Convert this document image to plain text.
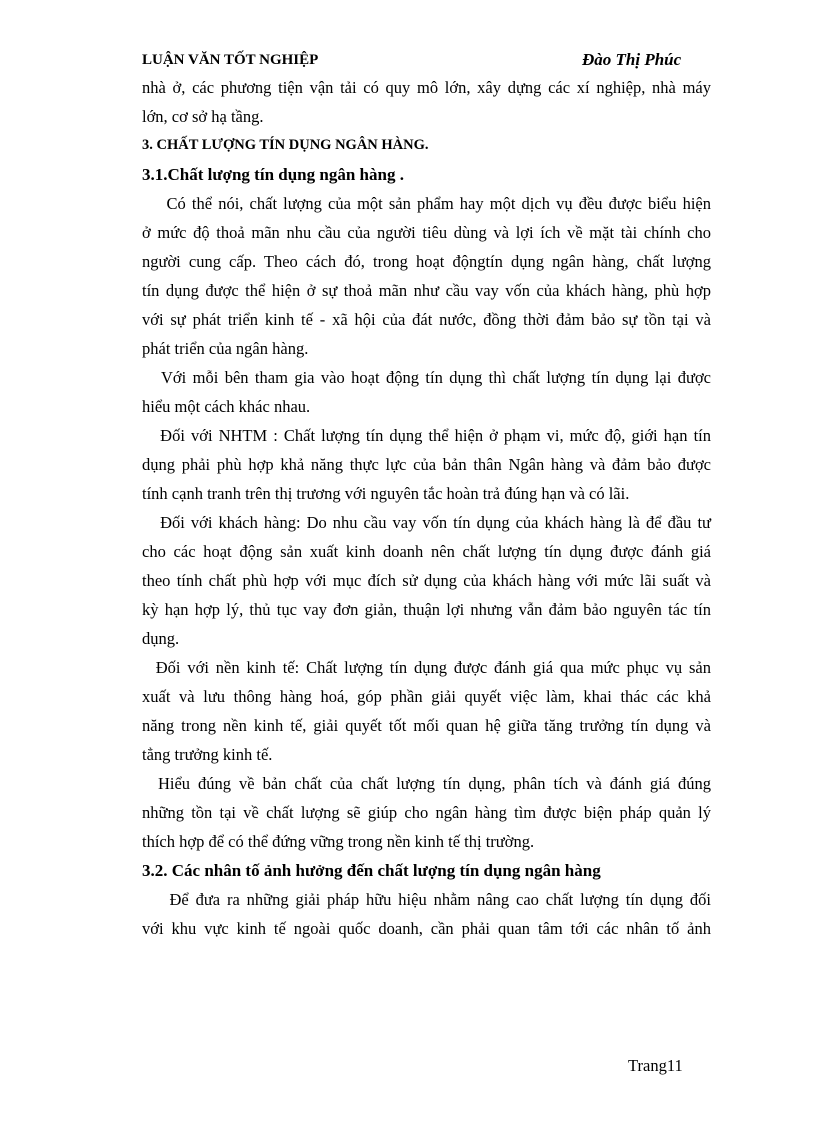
LUẬN VĂN TỐT NGHIỆP	Đào Thị Phúc
nhà ở, các phương tiện vận tải có quy mô lớn, xây dựng các xí nghiệp, nhà máy
lớn, cơ sở hạ tầng.
3. CHẤT LƯỢNG TÍN DỤNG NGÂN HÀNG.
3.1.Chất lượng tín dụng ngân hàng .
Có thể nói, chất lượng của một sản phẩm hay một dịch vụ đều được biểu hiện
ở mức độ thoả mãn nhu cầu của người tiêu dùng và lợi ích về mặt tài chính cho
người cung cấp. Theo cách đó, trong hoạt độngtín dụng ngân hàng, chất lượng
tín dụng được thể hiện ở sự thoả mãn như cầu vay vốn của khách hàng, phù hợp
với sự phát triển kinh tế - xã hội của đát nước, đồng thời đảm bảo sự tồn tại và
phát triển của ngân hàng.
Với mỗi bên tham gia vào hoạt động tín dụng thì chất lượng tín dụng lại được
hiểu một cách khác nhau.
Đối với NHTM : Chất lượng tín dụng thể hiện ở phạm vi, mức độ, giới hạn tín
dụng phải phù hợp khả năng thực lực của bản thân Ngân hàng và đảm bảo được
tính cạnh tranh trên thị trương với nguyên tắc hoàn trả đúng hạn và có lãi.
Đối với khách hàng: Do nhu cầu vay vốn tín dụng của khách hàng là để đầu tư
cho các hoạt động sản xuất kinh doanh nên chất lượng tín dụng được đánh giá
theo tính chất phù hợp với mục đích sử dụng của khách hàng với mức lãi suất và
kỳ hạn hợp lý, thủ tục vay đơn giản, thuận lợi nhưng vẫn đảm bảo nguyên tác tín
dụng.
Đối với nền kinh tế: Chất lượng tín dụng được đánh giá qua mức phục vụ sản
xuất và lưu thông hàng hoá, góp phần giải quyết việc làm, khai thác các khả
năng trong nền kinh tế, giải quyết tốt mối quan hệ giữa tăng trưởng tín dụng và
tẳng trưởng kinh tế.
Hiểu đúng về bản chất của chất lượng tín dụng, phân tích và đánh giá đúng
những tồn tại về chất lượng sẽ giúp cho ngân hàng tìm được biện pháp quản lý
thích hợp để có thể đứng vững trong nền kinh tế thị trường.
3.2. Các nhân tố ảnh hưởng đến chất lượng tín dụng ngân hàng
Để đưa ra những giải pháp hữu hiệu nhằm nâng cao chất lượng tín dụng đối
với khu vực kinh tế ngoài quốc doanh, cần phải quan tâm tới các nhân tố ảnh
Trang11
